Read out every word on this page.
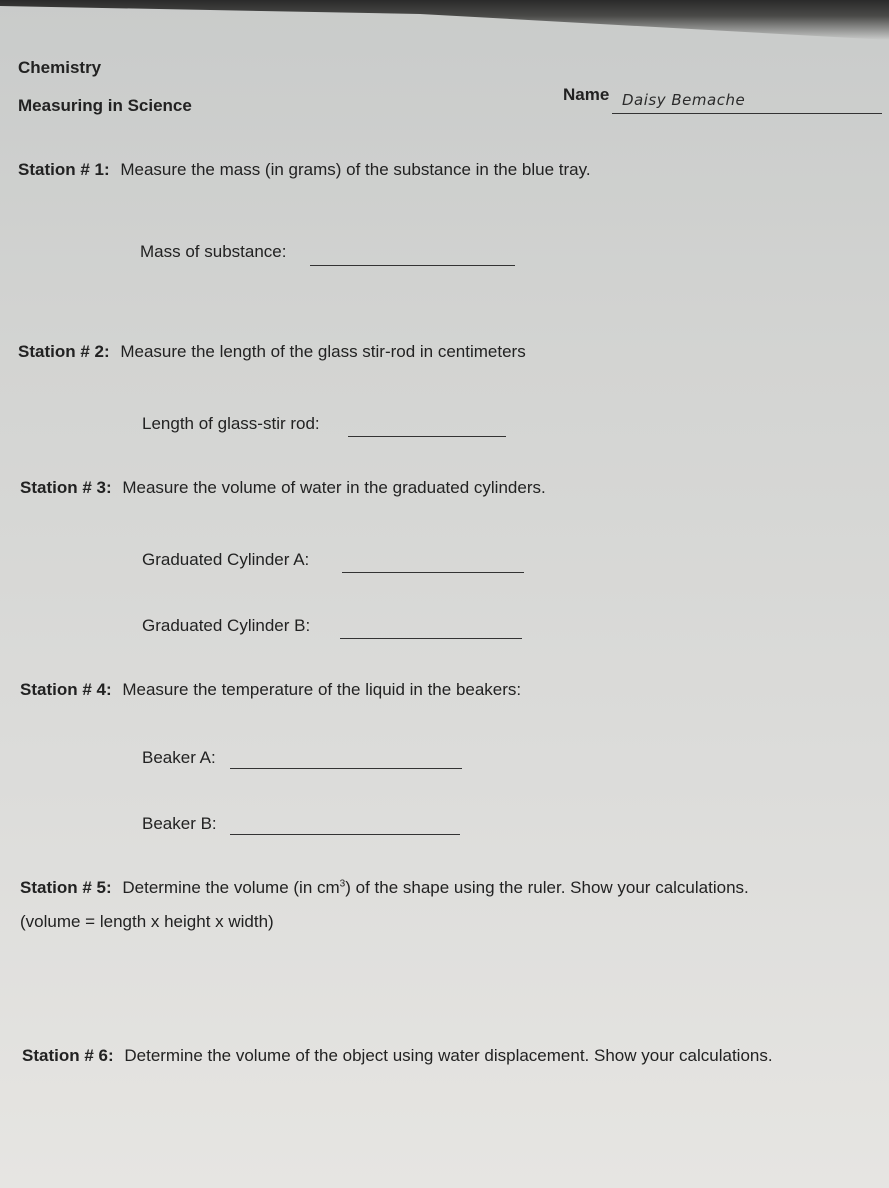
Chemistry
Measuring in Science
Name Daisy Bemache
Station # 1: Measure the mass (in grams) of the substance in the blue tray.
Mass of substance:
Station # 2: Measure the length of the glass stir-rod in centimeters
Length of glass-stir rod:
Station # 3: Measure the volume of water in the graduated cylinders.
Graduated Cylinder A:
Graduated Cylinder B:
Station # 4: Measure the temperature of the liquid in the beakers:
Beaker A:
Beaker B:
Station # 5: Determine the volume (in $cm^3$) of the shape using the ruler. Show your calculations.
(volume = length x height x width)
Station # 6: Determine the volume of the object using water displacement. Show your calculations.
